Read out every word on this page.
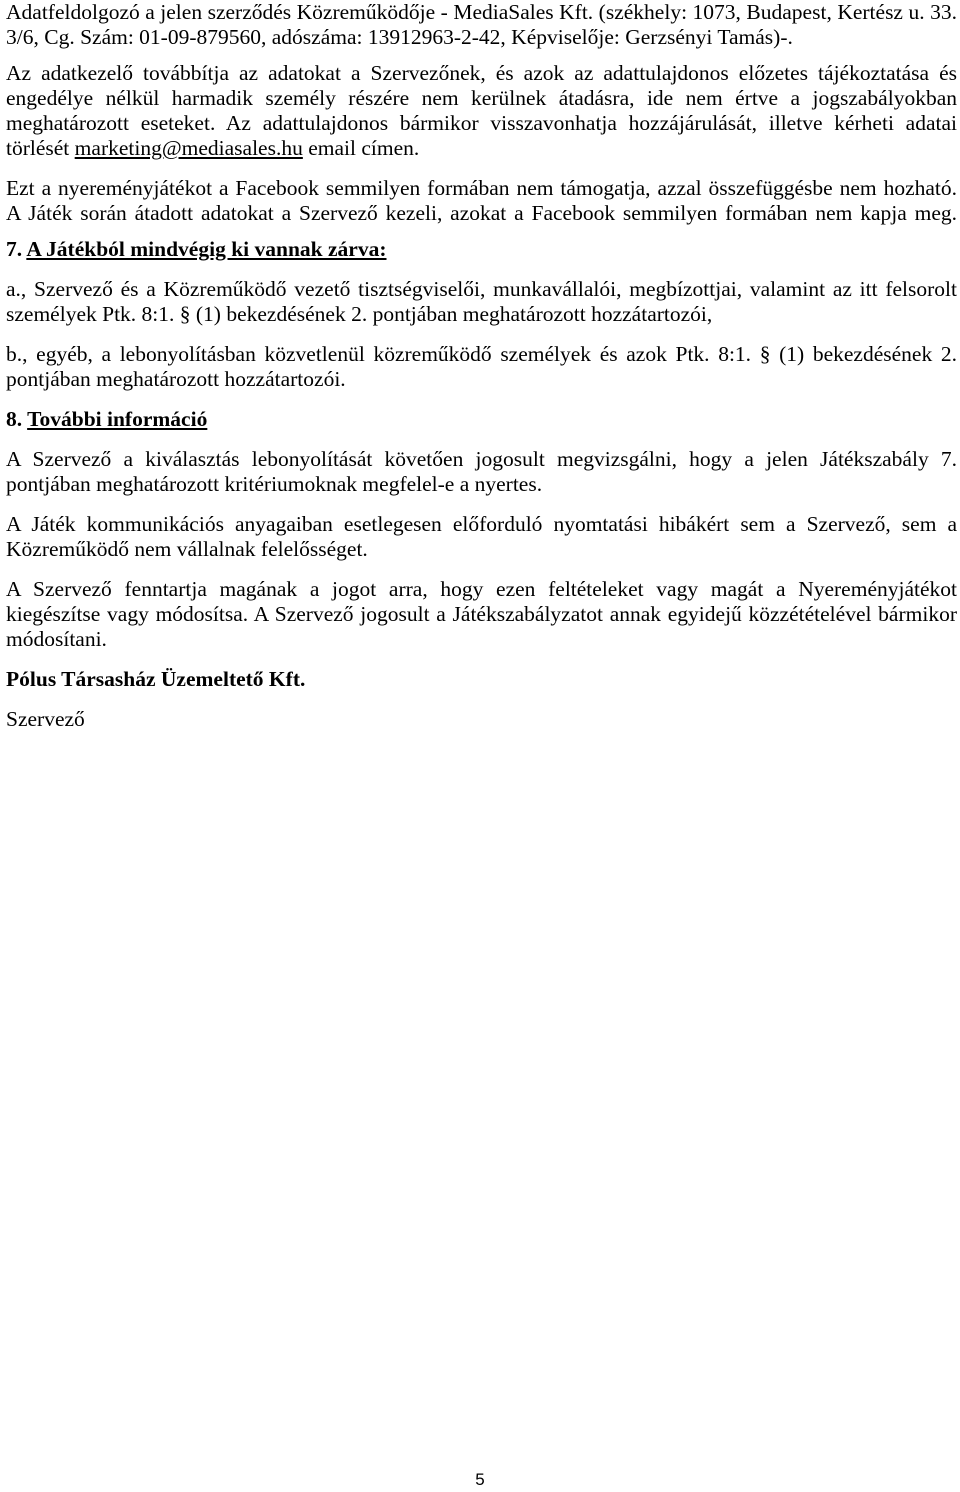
Adatfeldolgozó a jelen szerződés Közreműködője - MediaSales Kft. (székhely: 1073, Budapest, Kertész u. 33. 3/6, Cg. Szám: 01-09-879560, adószáma: 13912963-2-42, Képviselője: Gerzsényi Tamás)-.

Az adatkezelő továbbítja az adatokat a Szervezőnek, és azok az adattulajdonos előzetes tájékoztatása és engedélye nélkül harmadik személy részére nem kerülnek átadásra, ide nem értve a jogszabályokban meghatározott eseteket. Az adattulajdonos bármikor visszavonhatja hozzájárulását, illetve kérheti adatai törlését marketing@mediasales.hu email címen.

Ezt a nyereményjátékot a Facebook semmilyen formában nem támogatja, azzal összefüggésbe nem hozható. A Játék során átadott adatokat a Szervező kezeli, azokat a Facebook semmilyen formában nem kapja meg.

7. A Játékból mindvégig ki vannak zárva:

a., Szervező és a Közreműködő vezető tisztségviselői, munkavállalói, megbízottjai, valamint az itt felsorolt személyek Ptk. 8:1. § (1) bekezdésének 2. pontjában meghatározott hozzátartozói,

b., egyéb, a lebonyolításban közvetlenül közreműködő személyek és azok Ptk. 8:1. § (1) bekezdésének 2. pontjában meghatározott hozzátartozói.

8. További információ

A Szervező a kiválasztás lebonyolítását követően jogosult megvizsgálni, hogy a jelen Játékszabály 7. pontjában meghatározott kritériumoknak megfelel-e a nyertes.

A Játék kommunikációs anyagaiban esetlegesen előforduló nyomtatási hibákért sem a Szervező, sem a Közreműködő nem vállalnak felelősséget.

A Szervező fenntartja magának a jogot arra, hogy ezen feltételeket vagy magát a Nyereményjátékot kiegészítse vagy módosítsa. A Szervező jogosult a Játékszabályzatot annak egyidejű közzétételével bármikor módosítani.

Pólus Társasház Üzemeltető Kft.

Szervező

5
